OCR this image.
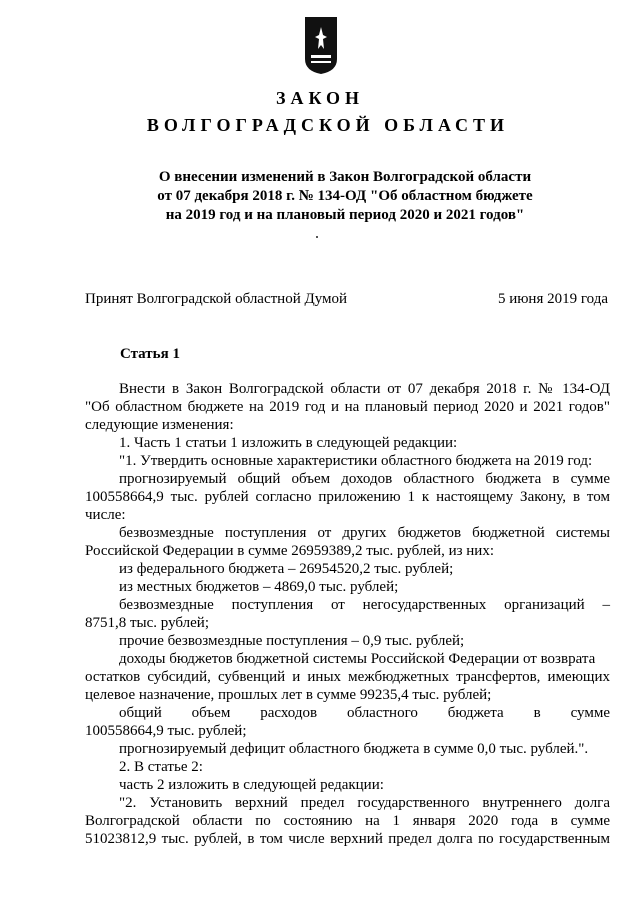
ЗАКОН
ВОЛГОГРАДСКОЙ ОБЛАСТИ
О внесении изменений в Закон Волгоградской области
от 07 декабря 2018 г. № 134-ОД "Об областном бюджете
на 2019 год и на плановый период 2020 и 2021 годов"
Принят Волгоградской областной Думой	5 июня 2019 года
Статья 1
Внести в Закон Волгоградской области от 07 декабря 2018 г. № 134-ОД
"Об областном бюджете на 2019 год и на плановый период 2020 и 2021 годов"
следующие изменения:
1. Часть 1 статьи 1 изложить в следующей редакции:
"1. Утвердить основные характеристики областного бюджета на 2019 год:
прогнозируемый общий объем доходов областного бюджета в сумме
100558664,9 тыс. рублей согласно приложению 1 к настоящему Закону, в том
числе:
безвозмездные поступления от других бюджетов бюджетной системы
Российской Федерации в сумме 26959389,2 тыс. рублей, из них:
из федерального бюджета – 26954520,2 тыс. рублей;
из местных бюджетов – 4869,0 тыс. рублей;
безвозмездные поступления от негосударственных организаций –
8751,8 тыс. рублей;
прочие безвозмездные поступления – 0,9 тыс. рублей;
доходы бюджетов бюджетной системы Российской Федерации от возврата
остатков субсидий, субвенций и иных межбюджетных трансфертов, имеющих
целевое назначение, прошлых лет в сумме 99235,4 тыс. рублей;
общий объем расходов областного бюджета в сумме
100558664,9 тыс. рублей;
прогнозируемый дефицит областного бюджета в сумме 0,0 тыс. рублей.".
2. В статье 2:
часть 2 изложить в следующей редакции:
"2. Установить верхний предел государственного внутреннего долга
Волгоградской области по состоянию на 1 января 2020 года в сумме
51023812,9 тыс. рублей, в том числе верхний предел долга по государственным
